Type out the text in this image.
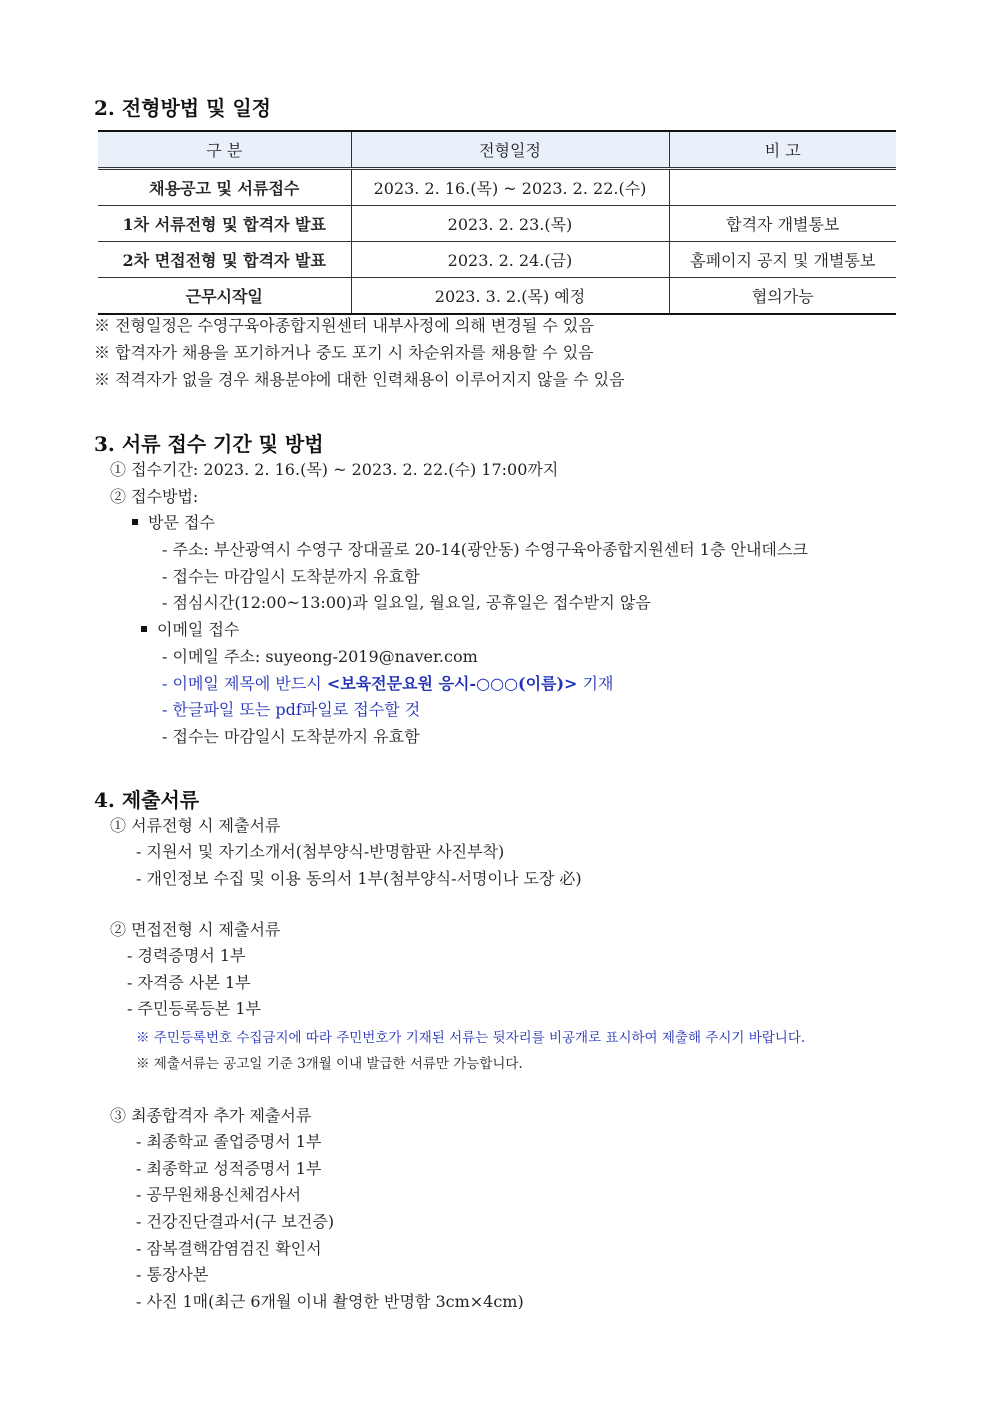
2. 전형방법 및 일정
구 분	전형일정	비 고
채용공고 및 서류접수	2023. 2. 16.(목) ~ 2023. 2. 22.(수)	
1차 서류전형 및 합격자 발표	2023. 2. 23.(목)	합격자 개별통보
2차 면접전형 및 합격자 발표	2023. 2. 24.(금)	홈페이지 공지 및 개별통보
근무시작일	2023. 3. 2.(목) 예정	협의가능
※ 전형일정은 수영구육아종합지원센터 내부사정에 의해 변경될 수 있음
※ 합격자가 채용을 포기하거나 중도 포기 시 차순위자를 채용할 수 있음
※ 적격자가 없을 경우 채용분야에 대한 인력채용이 이루어지지 않을 수 있음
3. 서류 접수 기간 및 방법
① 접수기간: 2023. 2. 16.(목) ~ 2023. 2. 22.(수) 17:00까지
② 접수방법:
방문 접수
- 주소: 부산광역시 수영구 장대골로 20-14(광안동) 수영구육아종합지원센터 1층 안내데스크
- 접수는 마감일시 도착분까지 유효함
- 점심시간(12:00~13:00)과 일요일, 월요일, 공휴일은 접수받지 않음
이메일 접수
- 이메일 주소: suyeong-2019@naver.com
- 이메일 제목에 반드시 <보육전문요원 응시-○○○(이름)> 기재
- 한글파일 또는 pdf파일로 접수할 것
- 접수는 마감일시 도착분까지 유효함
4. 제출서류
① 서류전형 시 제출서류
- 지원서 및 자기소개서(첨부양식-반명함판 사진부착)
- 개인정보 수집 및 이용 동의서 1부(첨부양식-서명이나 도장 必)
② 면접전형 시 제출서류
- 경력증명서 1부
- 자격증 사본 1부
- 주민등록등본 1부
※ 주민등록번호 수집금지에 따라 주민번호가 기재된 서류는 뒷자리를 비공개로 표시하여 제출해 주시기 바랍니다.
※ 제출서류는 공고일 기준 3개월 이내 발급한 서류만 가능합니다.
③ 최종합격자 추가 제출서류
- 최종학교 졸업증명서 1부
- 최종학교 성적증명서 1부
- 공무원채용신체검사서
- 건강진단결과서(구 보건증)
- 잠복결핵감염검진 확인서
- 통장사본
- 사진 1매(최근 6개월 이내 촬영한 반명함 3cm×4cm)
